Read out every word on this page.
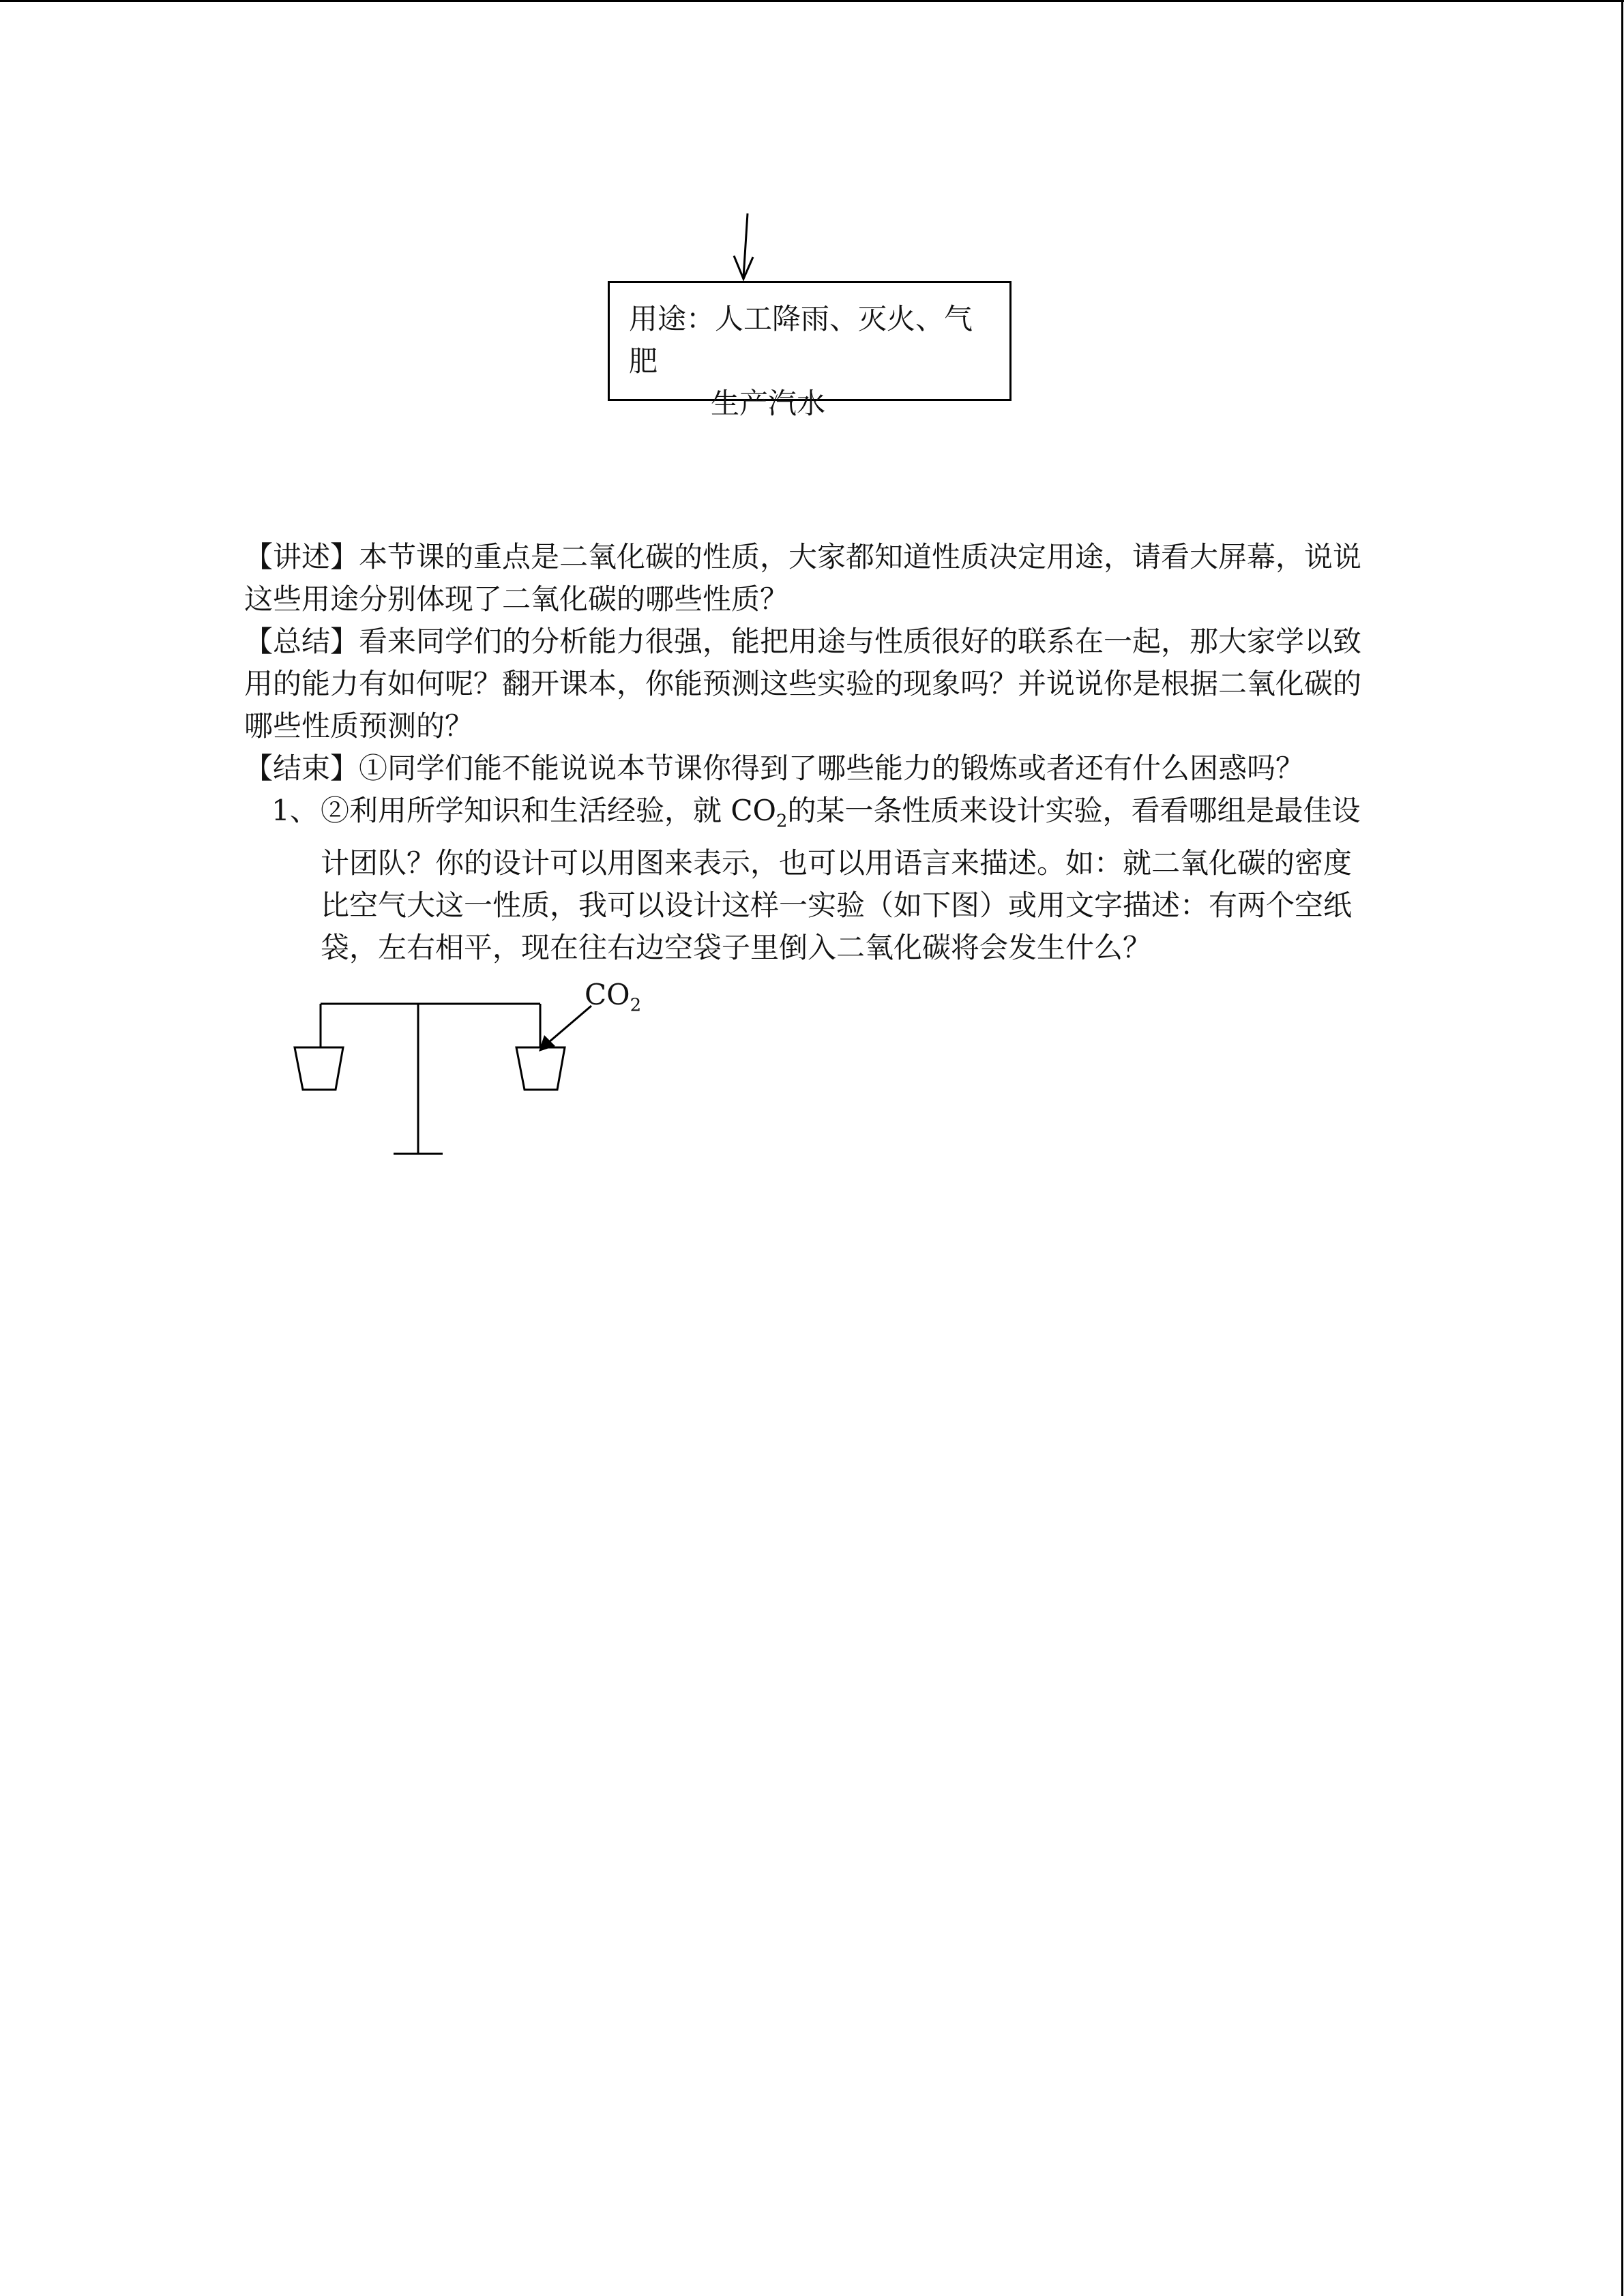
用途：人工降雨、灭火、气
肥
生产汽水
【讲述】本节课的重点是二氧化碳的性质，大家都知道性质决定用途，请看大屏幕，说说
这些用途分别体现了二氧化碳的哪些性质？
【总结】看来同学们的分析能力很强，能把用途与性质很好的联系在一起，那大家学以致
用的能力有如何呢？翻开课本，你能预测这些实验的现象吗？并说说你是根据二氧化碳的
哪些性质预测的？
【结束】①同学们能不能说说本节课你得到了哪些能力的锻炼或者还有什么困惑吗？
1、 ②利用所学知识和生活经验，就 $CO_2$的某一条性质来设计实验，看看哪组是最佳设
计团队？你的设计可以用图来表示，也可以用语言来描述。如：就二氧化碳的密度
比空气大这一性质，我可以设计这样一实验（如下图）或用文字描述：有两个空纸
袋，左右相平，现在往右边空袋子里倒入二氧化碳将会发生什么？
$CO_2$
